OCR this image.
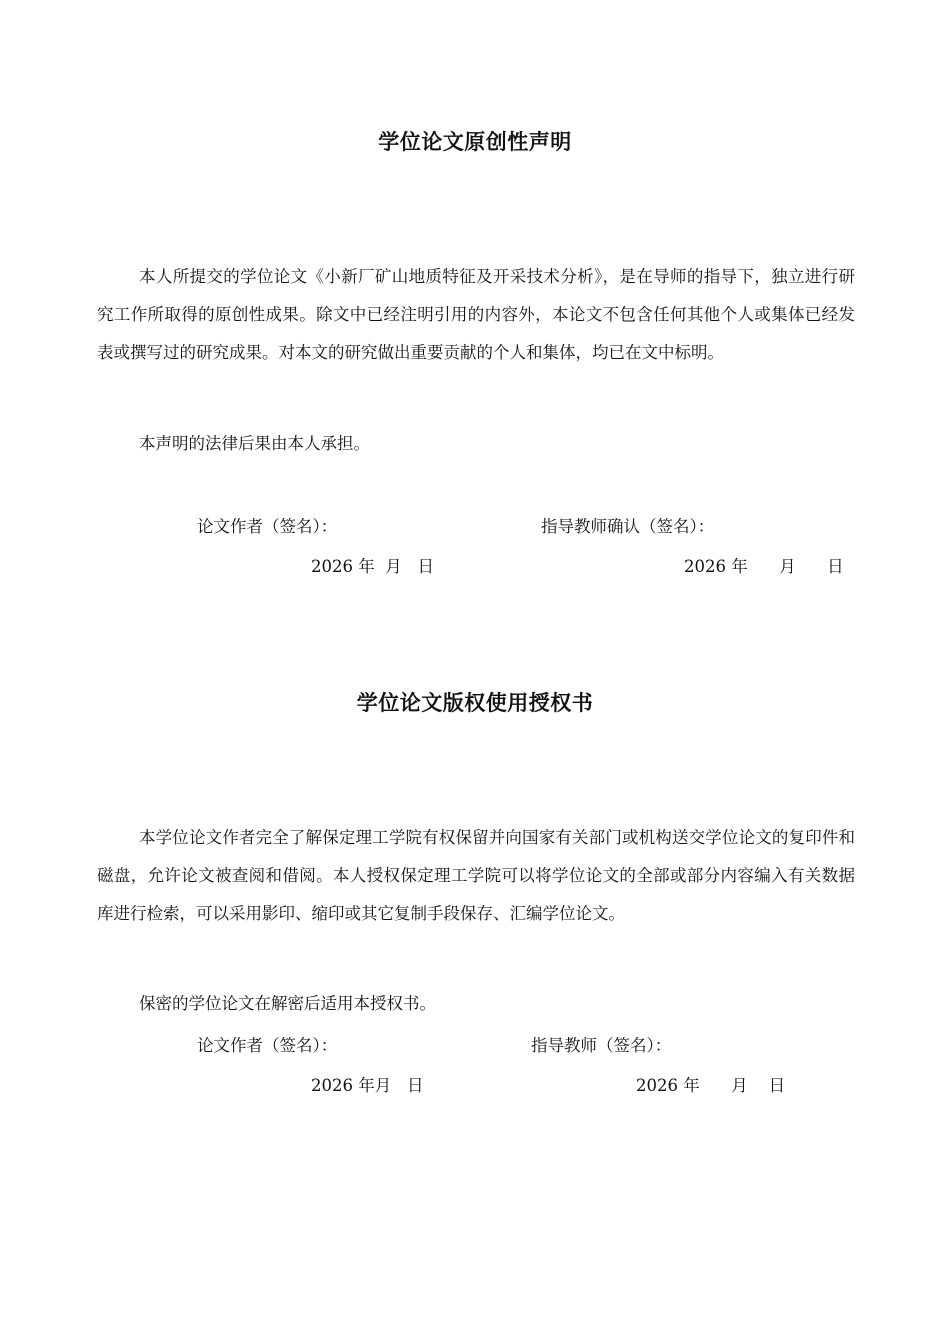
学位论文原创性声明

本人所提交的学位论文《小新厂矿山地质特征及开采技术分析》，是在导师的指导下，独立进行研究工作所取得的原创性成果。除文中已经注明引用的内容外，本论文不包含任何其他个人或集体已经发表或撰写过的研究成果。对本文的研究做出重要贡献的个人和集体，均已在文中标明。

本声明的法律后果由本人承担。

论文作者（签名）：	指导教师确认（签名）：
2026 年  月   日	2026 年      月      日
学位论文版权使用授权书

本学位论文作者完全了解保定理工学院有权保留并向国家有关部门或机构送交学位论文的复印件和磁盘，允许论文被查阅和借阅。本人授权保定理工学院可以将学位论文的全部或部分内容编入有关数据库进行检索，可以采用影印、缩印或其它复制手段保存、汇编学位论文。

保密的学位论文在解密后适用本授权书。

论文作者（签名）：	指导教师（签名）：
2026 年月   日	2026 年      月    日
